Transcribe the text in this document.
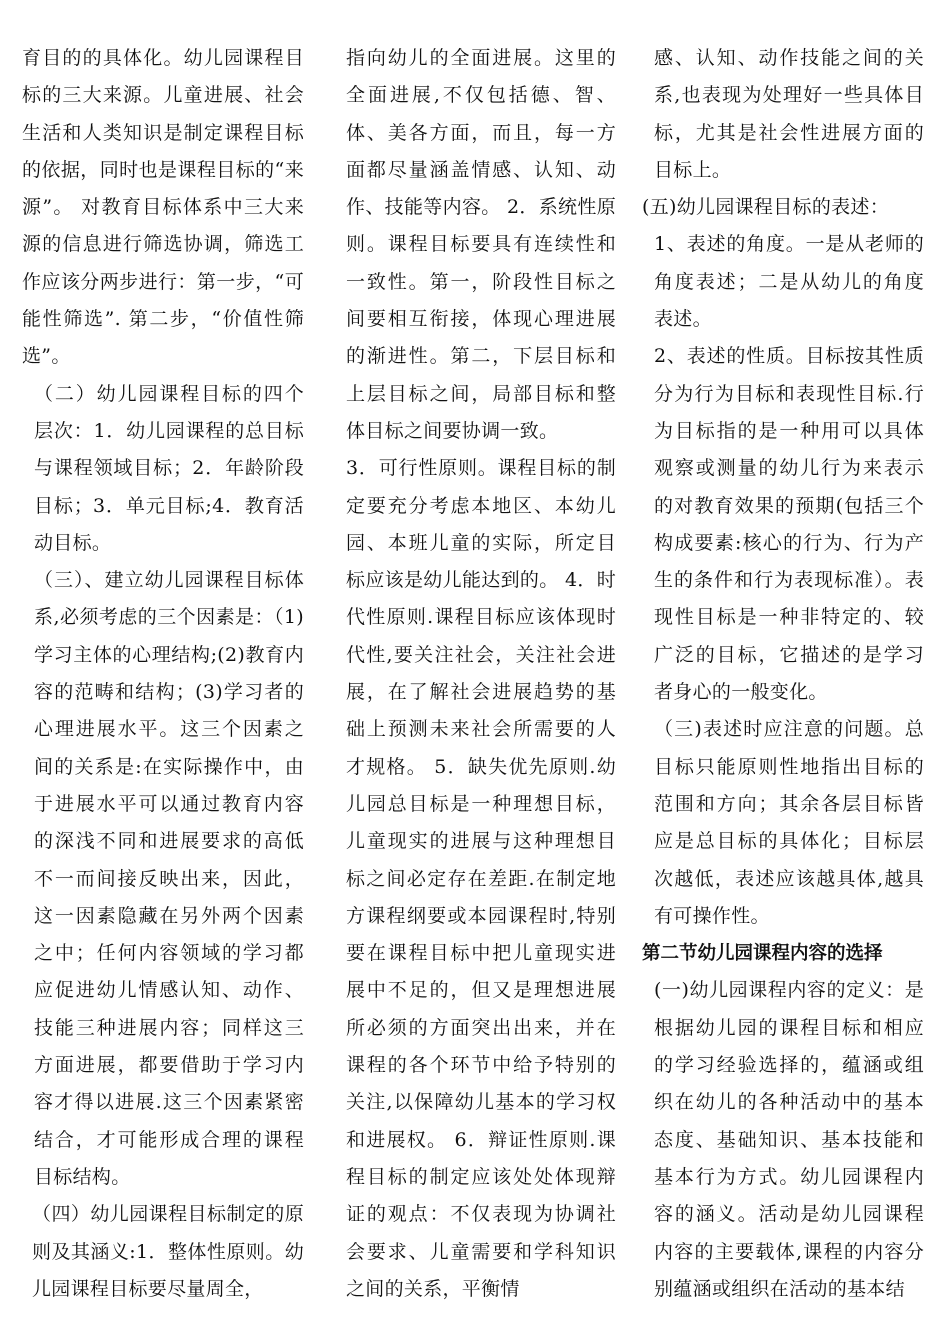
育目的的具体化。幼儿园课程目标的三大来源。儿童进展、社会生活和人类知识是制定课程目标的依据，同时也是课程目标的“来源”。 对教育目标体系中三大来源的信息进行筛选协调，筛选工作应该分两步进行：第一步，“可能性筛选”. 第二步，“价值性筛选”。

（二）幼儿园课程目标的四个层次：1．幼儿园课程的总目标与课程领域目标；2．年龄阶段目标；3．单元目标;4．教育活动目标。

（三）、建立幼儿园课程目标体系,必须考虑的三个因素是：（1)学习主体的心理结构;(2)教育内容的范畴和结构；(3)学习者的心理进展水平。这三个因素之间的关系是:在实际操作中，由于进展水平可以通过教育内容的深浅不同和进展要求的高低不一而间接反映出来，因此，这一因素隐藏在另外两个因素之中；任何内容领域的学习都应促进幼儿情感认知、动作、技能三种进展内容；同样这三方面进展，都要借助于学习内容才得以进展.这三个因素紧密结合，才可能形成合理的课程目标结构。

（四）幼儿园课程目标制定的原则及其涵义:1．整体性原则。幼儿园课程目标要尽量周全，

指向幼儿的全面进展。这里的全面进展,不仅包括德、智、体、美各方面，而且，每一方面都尽量涵盖情感、认知、动作、技能等内容。 2．系统性原则。课程目标要具有连续性和一致性。第一，阶段性目标之间要相互衔接，体现心理进展的渐进性。第二，下层目标和上层目标之间，局部目标和整体目标之间要协调一致。

3．可行性原则。课程目标的制定要充分考虑本地区、本幼儿园、本班儿童的实际，所定目标应该是幼儿能达到的。 4．时代性原则.课程目标应该体现时代性,要关注社会，关注社会进展，在了解社会进展趋势的基础上预测未来社会所需要的人才规格。 5．缺失优先原则.幼儿园总目标是一种理想目标，儿童现实的进展与这种理想目标之间必定存在差距.在制定地方课程纲要或本园课程时,特别要在课程目标中把儿童现实进展中不足的，但又是理想进展所必须的方面突出出来，并在课程的各个环节中给予特别的关注,以保障幼儿基本的学习权和进展权。 6．辩证性原则.课程目标的制定应该处处体现辩证的观点：不仅表现为协调社会要求、儿童需要和学科知识之间的关系，平衡情

感、认知、动作技能之间的关系,也表现为处理好一些具体目标，尤其是社会性进展方面的目标上。

(五)幼儿园课程目标的表述：

1、表述的角度。一是从老师的角度表述；二是从幼儿的角度表述。

2、表述的性质。目标按其性质分为行为目标和表现性目标.行为目标指的是一种用可以具体观察或测量的幼儿行为来表示的对教育效果的预期(包括三个构成要素:核心的行为、行为产生的条件和行为表现标准）。表现性目标是一种非特定的、较广泛的目标，它描述的是学习者身心的一般变化。

（三)表述时应注意的问题。总目标只能原则性地指出目标的范围和方向；其余各层目标皆应是总目标的具体化；目标层次越低，表述应该越具体,越具有可操作性。

第二节幼儿园课程内容的选择

(一)幼儿园课程内容的定义：是根据幼儿园的课程目标和相应的学习经验选择的，蕴涵或组织在幼儿的各种活动中的基本态度、基础知识、基本技能和基本行为方式。幼儿园课程内容的涵义。活动是幼儿园课程内容的主要载体,课程的内容分别蕴涵或组织在活动的基本结
